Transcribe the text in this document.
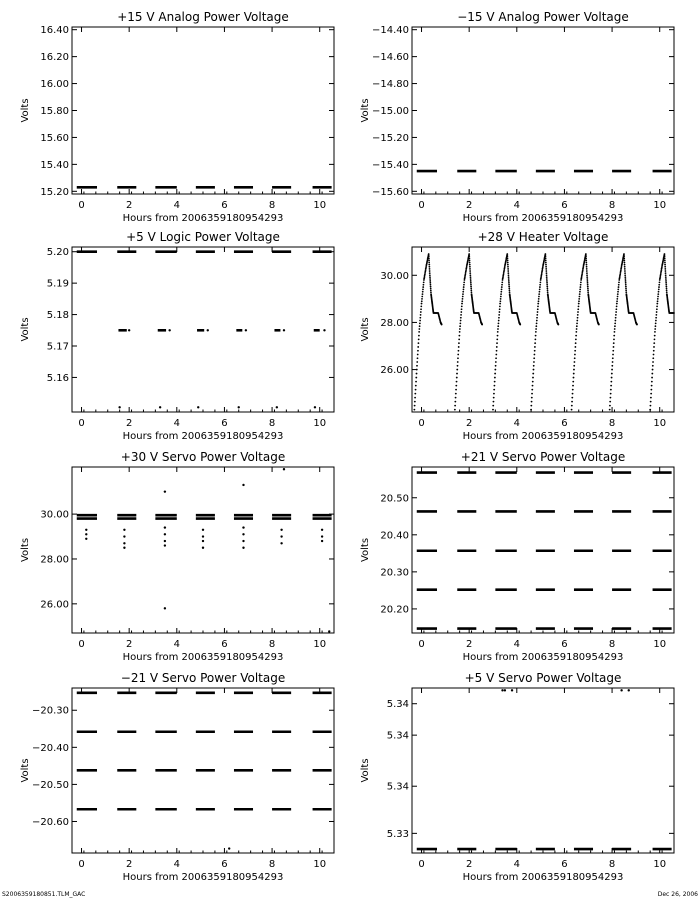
+15 V Analog Power Voltage
Hours from 2006359180954293
Volts
0	2	4	6	8	10
15.20
15.40
15.60
15.80
16.00
16.20
16.40
−15 V Analog Power Voltage
Hours from 2006359180954293
Volts
0	2	4	6	8	10
−15.60
−15.40
−15.20
−15.00
−14.80
−14.60
−14.40
+5 V Logic Power Voltage
Hours from 2006359180954293
Volts
0	2	4	6	8	10
5.16
5.17
5.18
5.19
5.20
+28 V Heater Voltage
Hours from 2006359180954293
Volts
0	2	4	6	8	10
26.00
28.00
30.00
+30 V Servo Power Voltage
Hours from 2006359180954293
Volts
0	2	4	6	8	10
26.00
28.00
30.00
+21 V Servo Power Voltage
Hours from 2006359180954293
Volts
0	2	4	6	8	10
20.20
20.30
20.40
20.50
−21 V Servo Power Voltage
Hours from 2006359180954293
Volts
0	2	4	6	8	10
−20.60
−20.50
−20.40
−20.30
+5 V Servo Power Voltage
Hours from 2006359180954293
Volts
0	2	4	6	8	10
5.33
5.34
5.34
5.34
S2006359180851.TLM_GAC	Dec 26, 2006
